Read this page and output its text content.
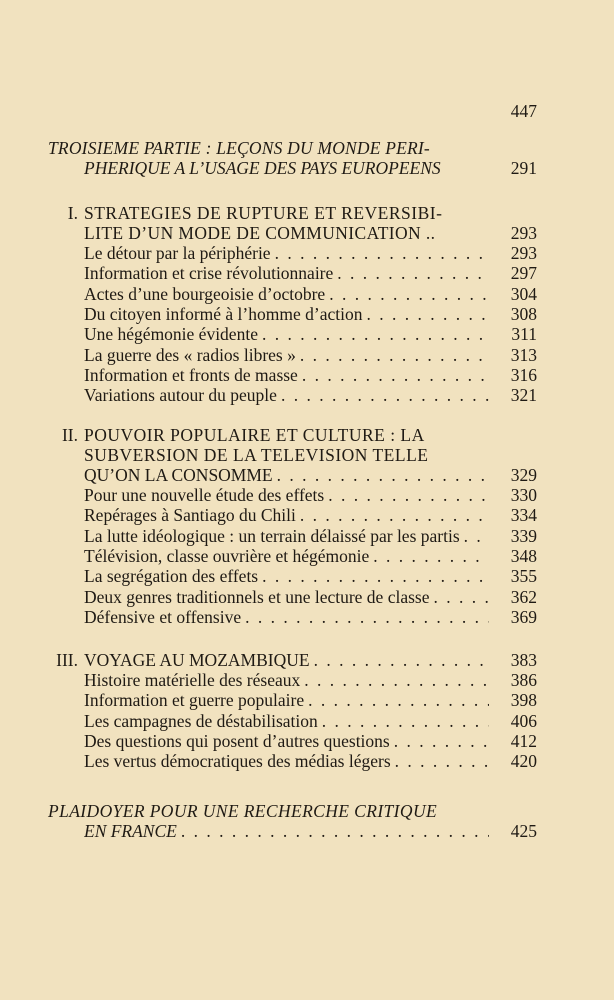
447
TROISIEME PARTIE : LEÇONS DU MONDE PERI-
PHERIQUE A L’USAGE DES PAYS EUROPEENS	291
I. STRATEGIES DE RUPTURE ET REVERSIBI-
LITE D’UN MODE DE COMMUNICATION ..	293
Le détour par la périphérie . . .	293
Information et crise révolutionnaire . . .	297
Actes d’une bourgeoisie d’octobre . . .	304
Du citoyen informé à l’homme d’action . . .	308
Une hégémonie évidente . . .	311
La guerre des « radios libres » . . .	313
Information et fronts de masse . . .	316
Variations autour du peuple . . .	321
II. POUVOIR POPULAIRE ET CULTURE : LA
SUBVERSION DE LA TELEVISION TELLE
QU’ON LA CONSOMME . . .	329
Pour une nouvelle étude des effets . . .	330
Repérages à Santiago du Chili . . .	334
La lutte idéologique : un terrain délaissé par les partis . . .	339
Télévision, classe ouvrière et hégémonie . . .	348
La segrégation des effets . . .	355
Deux genres traditionnels et une lecture de classe . . .	362
Défensive et offensive . . .	369
III. VOYAGE AU MOZAMBIQUE . . .	383
Histoire matérielle des réseaux . . .	386
Information et guerre populaire . . .	398
Les campagnes de déstabilisation . . .	406
Des questions qui posent d’autres questions . . .	412
Les vertus démocratiques des médias légers . . .	420
PLAIDOYER POUR UNE RECHERCHE CRITIQUE
EN FRANCE . . .	425
